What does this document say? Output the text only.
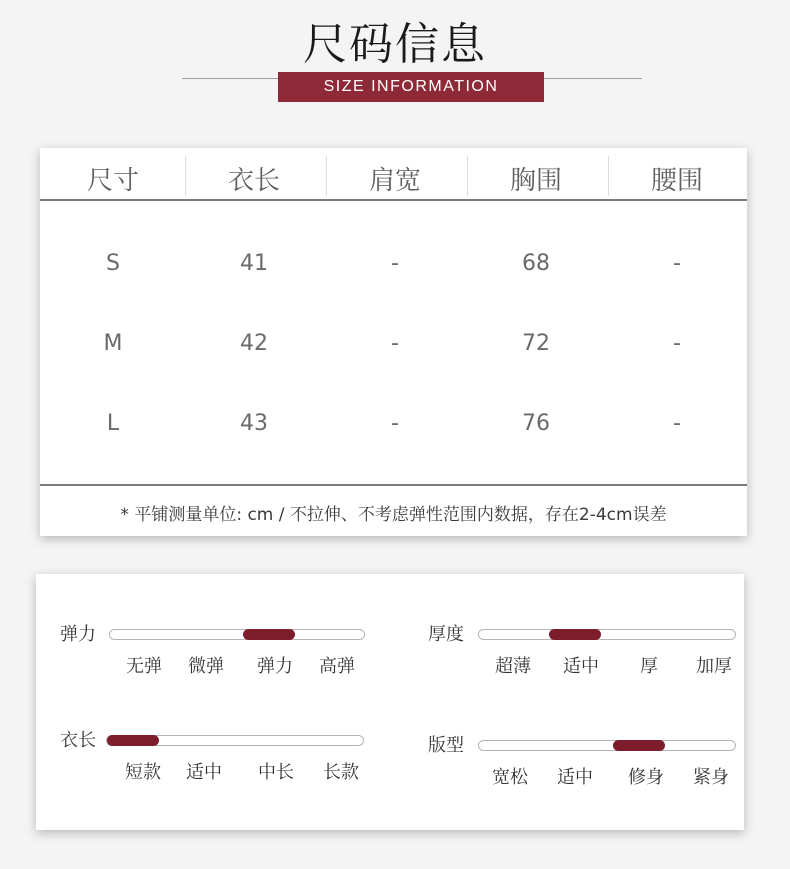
尺码信息
SIZE INFORMATION
尺寸	衣长	肩宽	胸围	腰围
S	41	-	68	-
M	42	-	72	-
L	43	-	76	-
* 平铺测量单位: cm / 不拉伸、不考虑弹性范围内数据，存在2-4cm误差
弹力
无弹 微弹 弹力 高弹
厚度
超薄 适中 厚 加厚
衣长
短款 适中 中长 长款
版型
宽松 适中 修身 紧身
